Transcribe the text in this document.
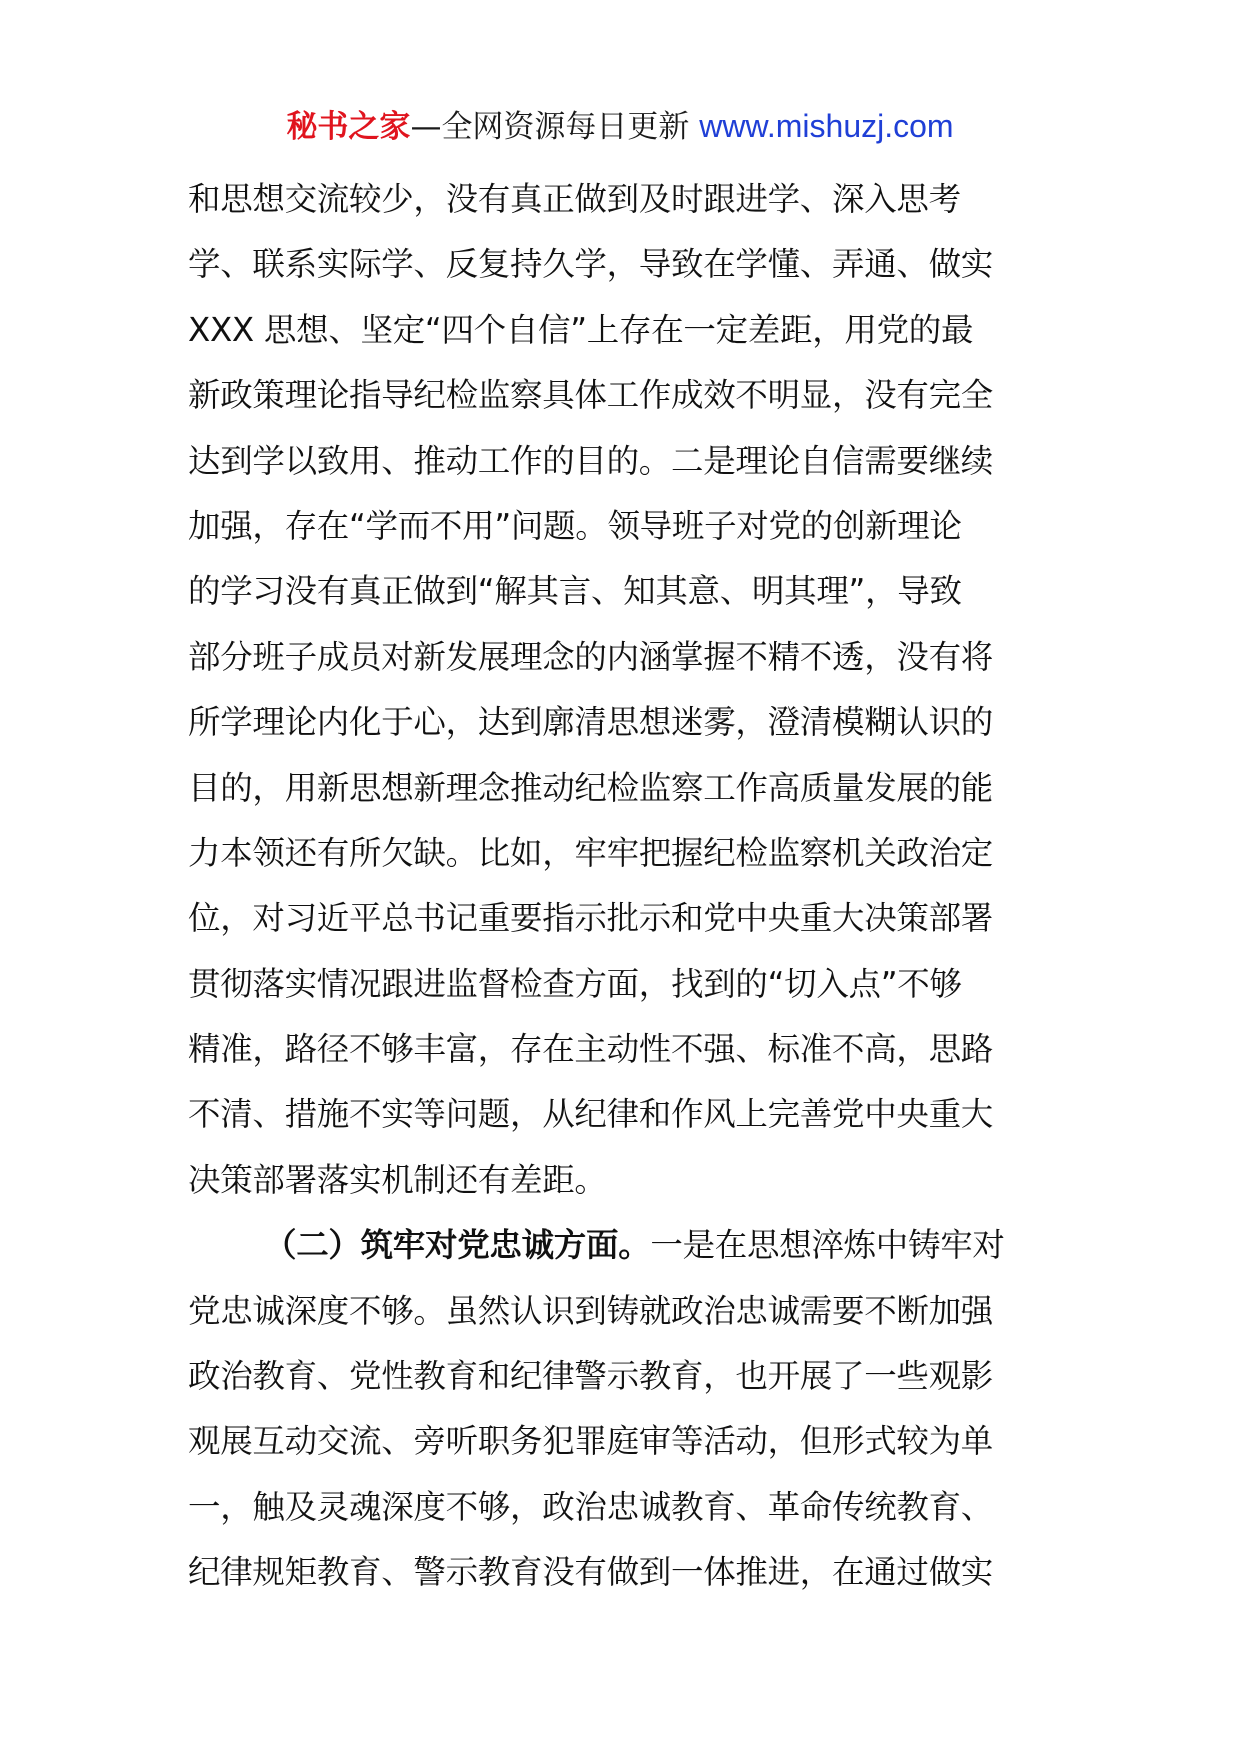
秘书之家—全网资源每日更新 www.mishuzj.com
和思想交流较少，没有真正做到及时跟进学、深入思考
学、联系实际学、反复持久学，导致在学懂、弄通、做实
XXX 思想、坚定“四个自信”上存在一定差距，用党的最
新政策理论指导纪检监察具体工作成效不明显，没有完全
达到学以致用、推动工作的目的。二是理论自信需要继续
加强，存在“学而不用”问题。领导班子对党的创新理论
的学习没有真正做到“解其言、知其意、明其理”，导致
部分班子成员对新发展理念的内涵掌握不精不透，没有将
所学理论内化于心，达到廓清思想迷雾，澄清模糊认识的
目的，用新思想新理念推动纪检监察工作高质量发展的能
力本领还有所欠缺。比如，牢牢把握纪检监察机关政治定
位，对习近平总书记重要指示批示和党中央重大决策部署
贯彻落实情况跟进监督检查方面，找到的“切入点”不够
精准，路径不够丰富，存在主动性不强、标准不高，思路
不清、措施不实等问题，从纪律和作风上完善党中央重大
决策部署落实机制还有差距。
（二）筑牢对党忠诚方面。一是在思想淬炼中铸牢对
党忠诚深度不够。虽然认识到铸就政治忠诚需要不断加强
政治教育、党性教育和纪律警示教育，也开展了一些观影
观展互动交流、旁听职务犯罪庭审等活动，但形式较为单
一，触及灵魂深度不够，政治忠诚教育、革命传统教育、
纪律规矩教育、警示教育没有做到一体推进，在通过做实
